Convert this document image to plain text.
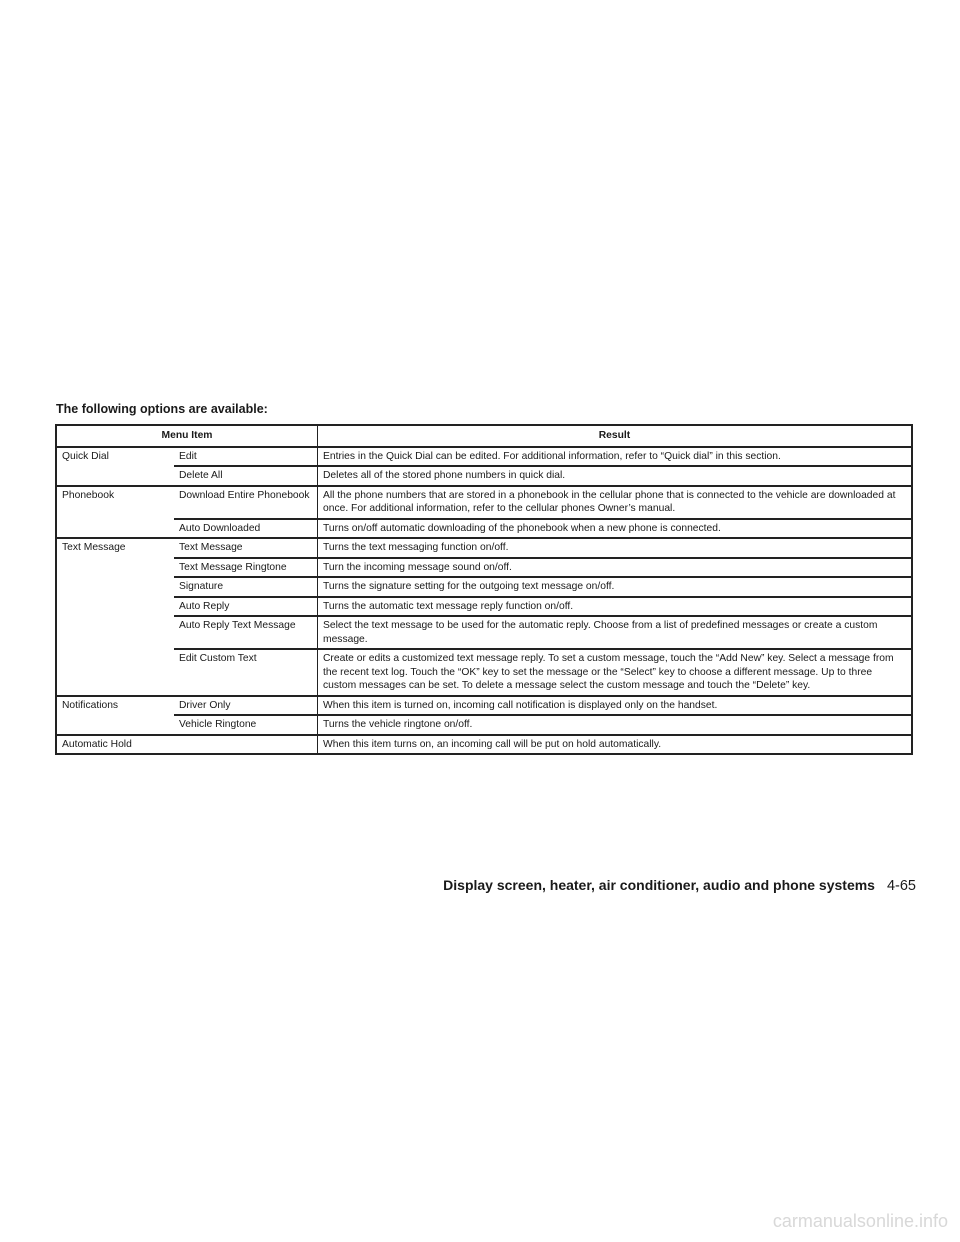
The following options are available:

Menu Item		Result
Quick Dial	Edit	Entries in the Quick Dial can be edited. For additional information, refer to “Quick dial” in this section.
	Delete All	Deletes all of the stored phone numbers in quick dial.
Phonebook	Download Entire Phonebook	All the phone numbers that are stored in a phonebook in the cellular phone that is connected to the vehicle are downloaded at once. For additional information, refer to the cellular phones Owner’s manual.
	Auto Downloaded	Turns on/off automatic downloading of the phonebook when a new phone is connected.
Text Message	Text Message	Turns the text messaging function on/off.
	Text Message Ringtone	Turn the incoming message sound on/off.
	Signature	Turns the signature setting for the outgoing text message on/off.
	Auto Reply	Turns the automatic text message reply function on/off.
	Auto Reply Text Message	Select the text message to be used for the automatic reply. Choose from a list of predefined messages or create a custom message.
	Edit Custom Text	Create or edits a customized text message reply. To set a custom message, touch the “Add New” key. Select a message from the recent text log. Touch the “OK” key to set the message or the “Select” key to choose a different message. Up to three custom messages can be set. To delete a message select the custom message and touch the “Delete” key.
Notifications	Driver Only	When this item is turned on, incoming call notification is displayed only on the handset.
	Vehicle Ringtone	Turns the vehicle ringtone on/off.
Automatic Hold		When this item turns on, an incoming call will be put on hold automatically.
Display screen, heater, air conditioner, audio and phone systems 4-65
carmanualsonline.info
